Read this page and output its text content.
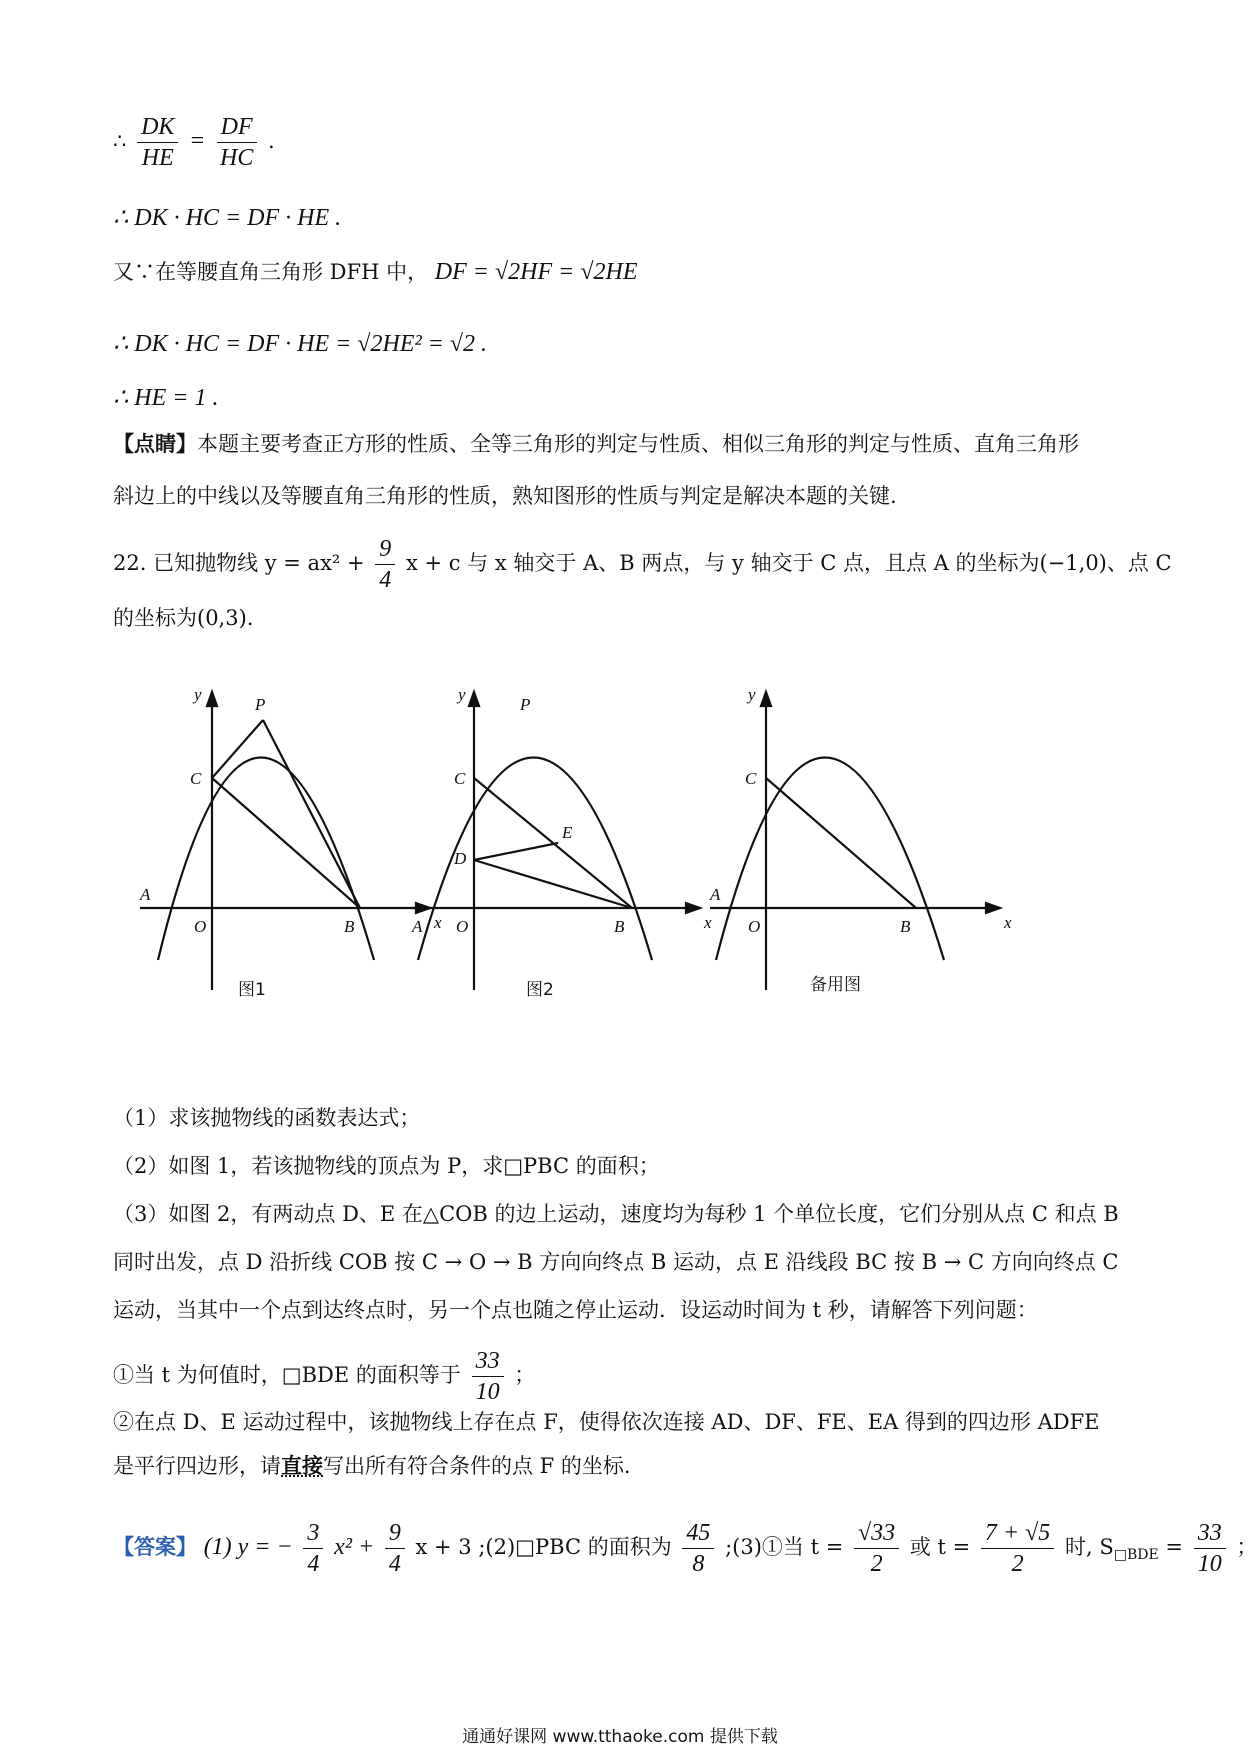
∴ $\frac{DK}{HE} = \frac{DF}{HC}$ .
∴ DK · HC = DF · HE .
又∵在等腰直角三角形 DFH 中， DF = √2HF = √2HE
∴ DK · HC = DF · HE = √2HE² = √2 .
∴ HE = 1 .
【点睛】本题主要考查正方形的性质、全等三角形的判定与性质、相似三角形的判定与性质、直角三角形
斜边上的中线以及等腰直角三角形的性质，熟知图形的性质与判定是解决本题的关键.
22. 已知抛物线 $y = ax^2 + \frac{9}{4}$ x + c 与 x 轴交于 A、B 两点，与 y 轴交于 C 点，且点 A 的坐标为(−1,0)、点 C
的坐标为(0,3).
y
x
O
A
B
C
P
y
x
O
A	B
C
D
E
P
y
x
O
A
B
C
图1	图2	备用图
（1）求该抛物线的函数表达式；
（2）如图 1，若该抛物线的顶点为 P，求□PBC 的面积；
（3）如图 2，有两动点 D、E 在△COB 的边上运动，速度均为每秒 1 个单位长度，它们分别从点 C 和点 B
同时出发，点 D 沿折线 COB 按 C → O → B 方向向终点 B 运动，点 E 沿线段 BC 按 B → C 方向向终点 C
运动，当其中一个点到达终点时，另一个点也随之停止运动．设运动时间为 t 秒，请解答下列问题：
①当 t 为何值时，□BDE 的面积等于 $\frac{33}{10}$ ；
②在点 D、E 运动过程中，该抛物线上存在点 F，使得依次连接 AD、DF、FE、EA 得到的四边形 ADFE
是平行四边形，请直接写出所有符合条件的点 F 的坐标.
【答案】 (1) y = − $\frac{3}{4} x^2 + \frac{9}{4}$ x + 3 ;(2)□PBC 的面积为 $\frac{45}{8}$ ;(3)①当 $t = \frac{√33}{2}$ 或 $t = \frac{7 + √5}{2}$ 时, $S_{□BDE} = \frac{33}{10}$ ；
通通好课网 www.tthaoke.com 提供下载
